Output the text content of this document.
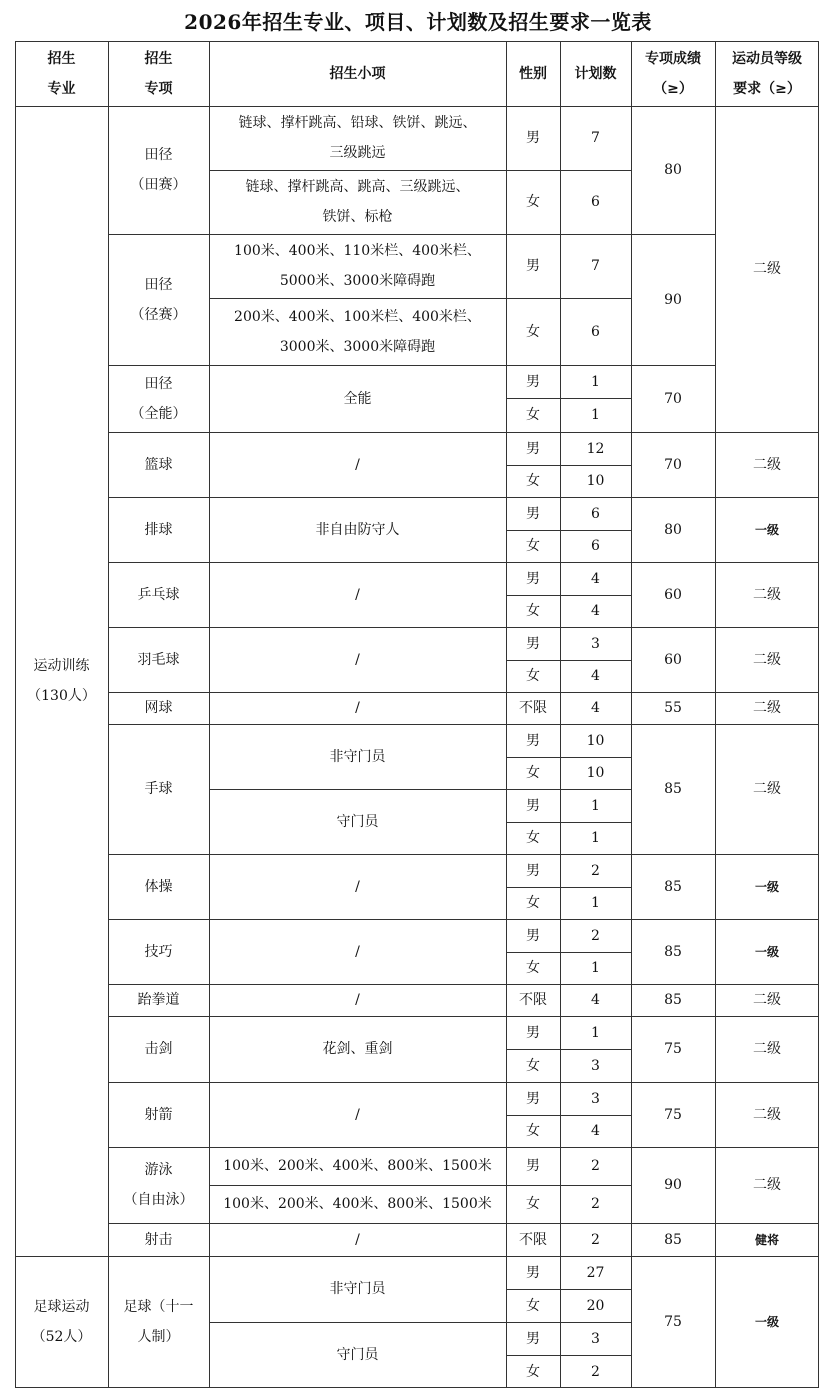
2026年招生专业、项目、计划数及招生要求一览表
招生
专业
招生
专项
招生小项	性别	计划数
专项成绩
（≥）
运动员等级
要求（≥）
运动训练
（130人）
足球运动
（52人）
田径
（田赛）
田径
（径赛）
田径
（全能）
篮球
排球
乒乓球
羽毛球
网球
手球
体操
技巧
跆拳道
击剑
射箭
游泳
（自由泳）
射击
足球（十一
人制）
链球、撑杆跳高、铅球、铁饼、跳远、
三级跳远
链球、撑杆跳高、跳高、三级跳远、
铁饼、标枪
100米、400米、110米栏、400米栏、
5000米、3000米障碍跑
200米、400米、100米栏、400米栏、
3000米、3000米障碍跑
全能
/
非自由防守人
/
/
/
非守门员
守门员
/
/
/
花剑、重剑
/
100米、200米、400米、800米、1500米
100米、200米、400米、800米、1500米
/
非守门员
守门员
男
女
男
女
男
女
男
女
男
女
男
女
男
女
不限
男
女
男
女
男
女
男
女
不限
男
女
男
女
男
女
不限
男
女
男
女
7
6
7
6
1
1
12
10
6
6
4
4
3
4
4
10
10
1
1
2
1
2
1
4
1
3
3
4
2
2
2
27
20
3
2
80
90
70
70
80
60
60
55
85
85
85
85
75
75
90
85
75
二级
二级
一级
二级
二级
二级
二级
一级
一级
二级
二级
二级
二级
健将
一级
